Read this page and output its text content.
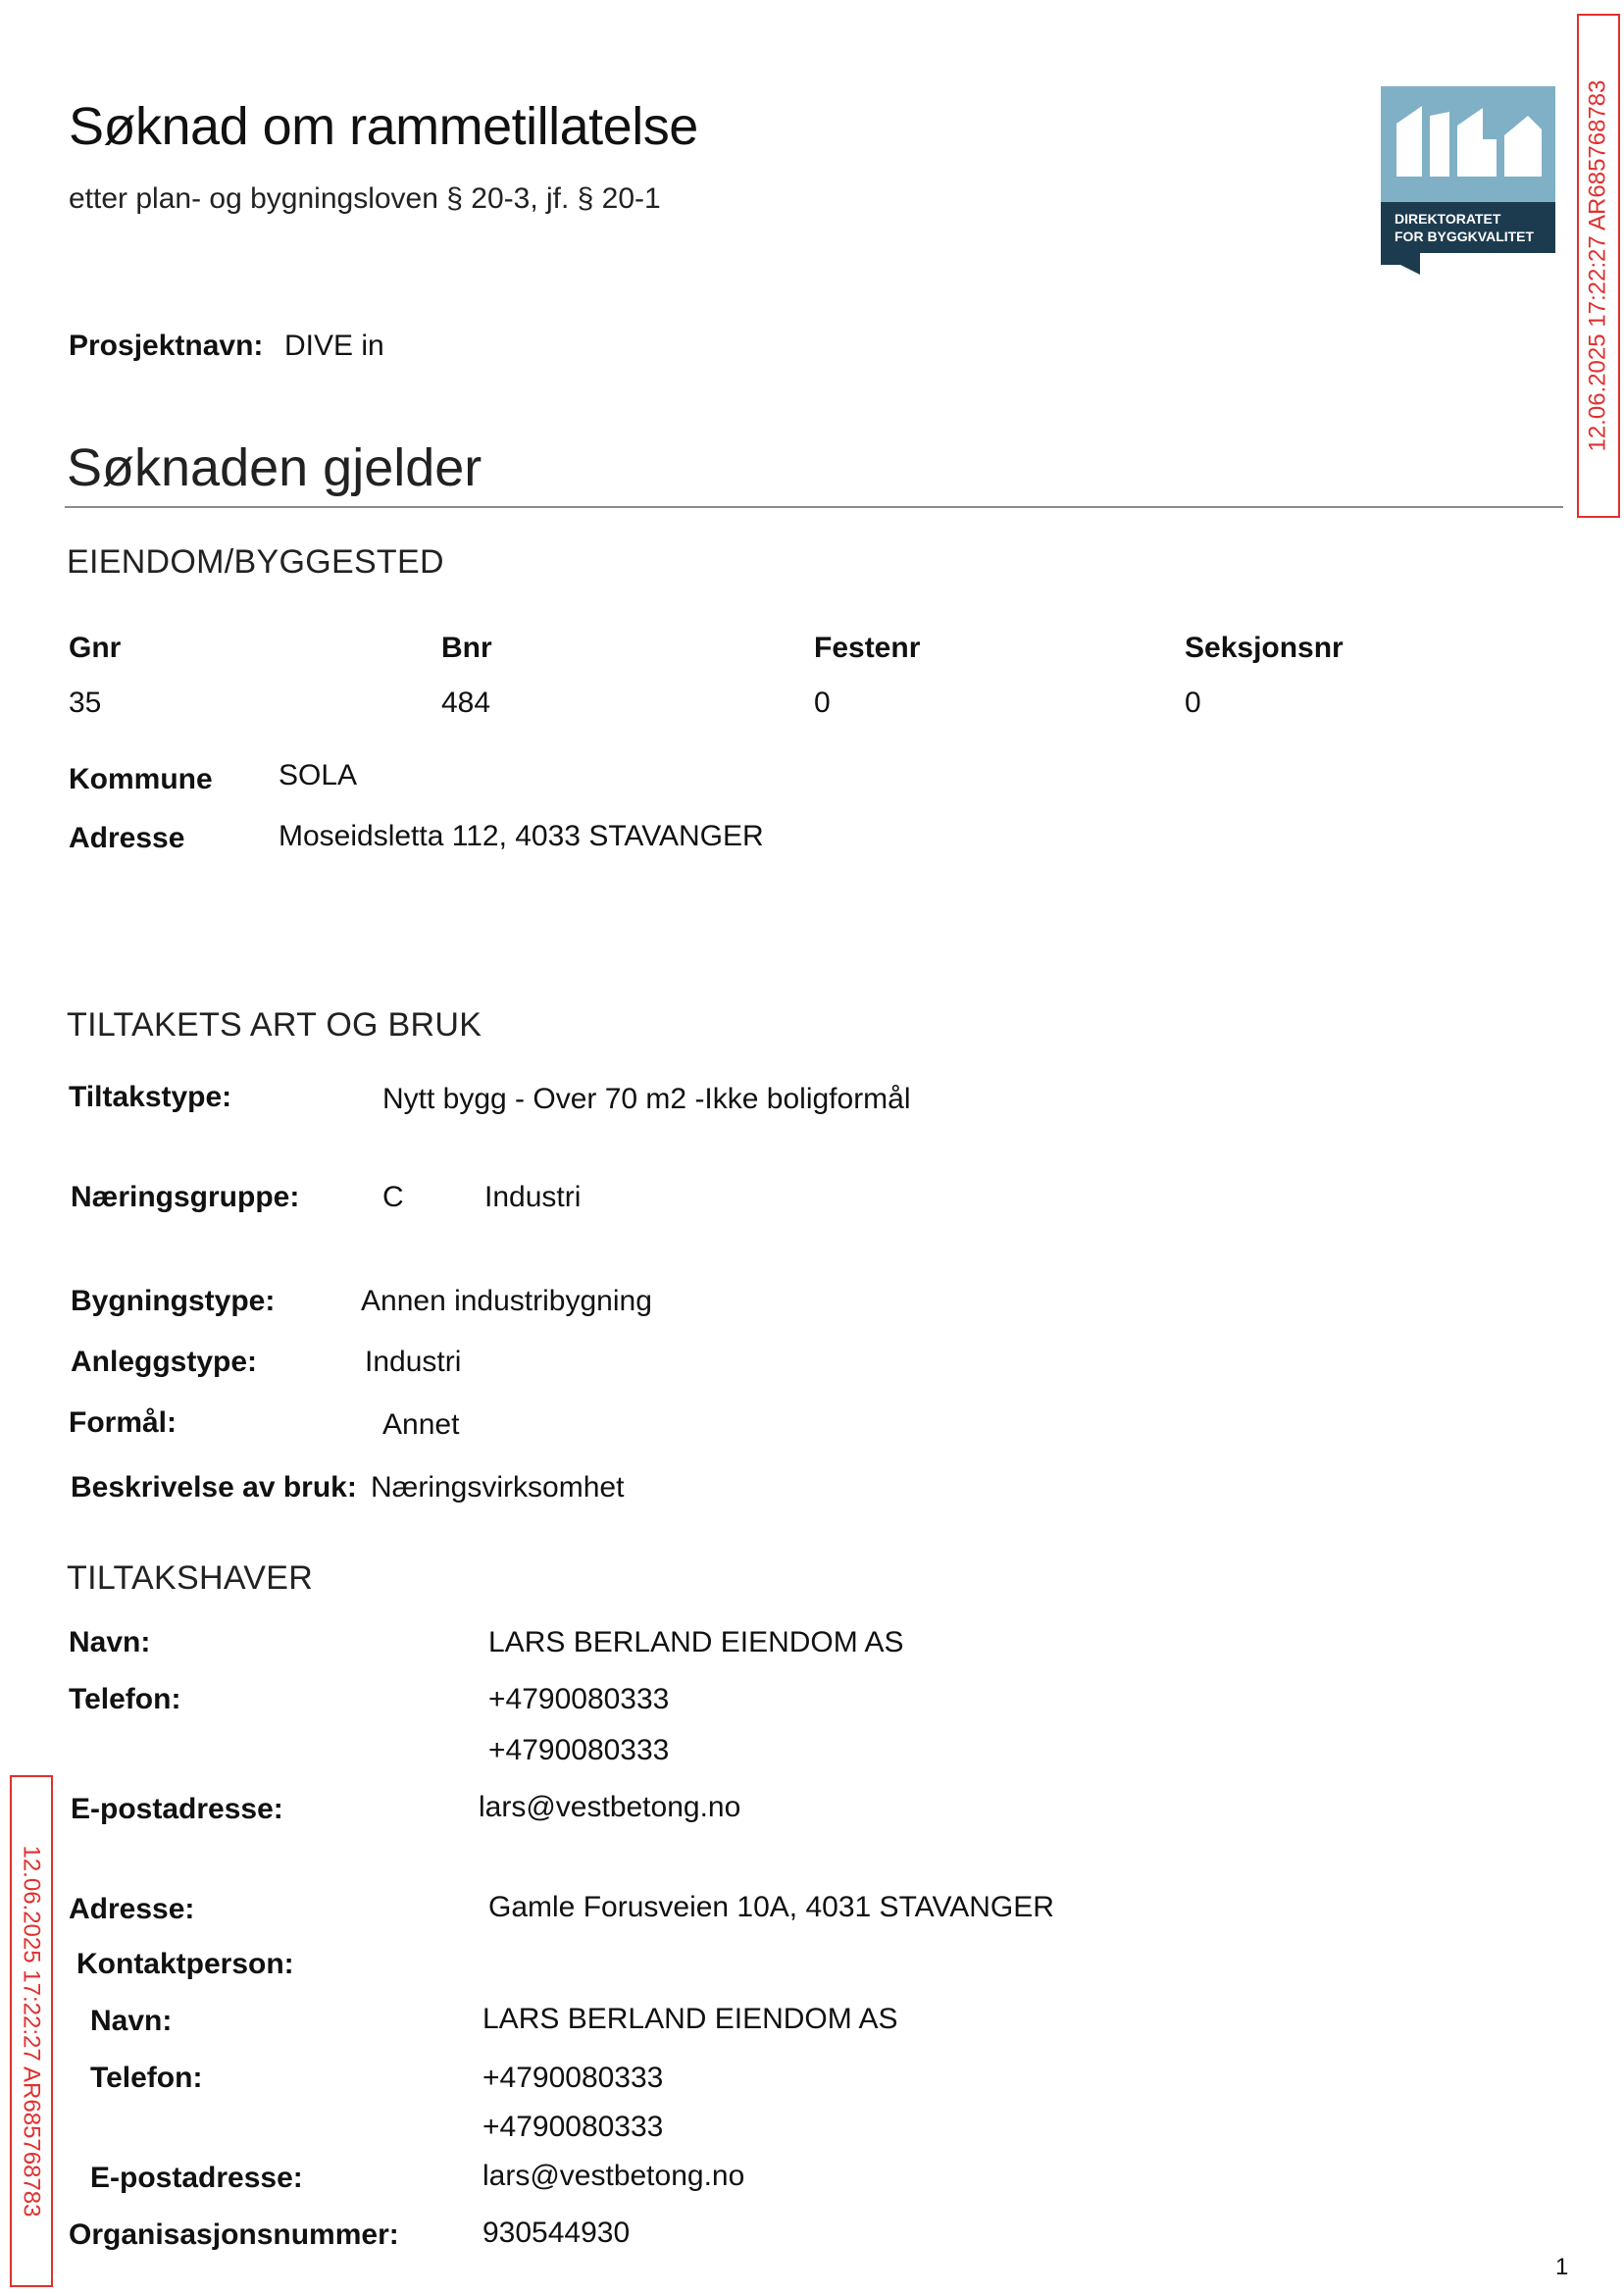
Søknad om rammetillatelse
etter plan- og bygningsloven § 20-3, jf. § 20-1
DIREKTORATET
FOR BYGGKVALITET 12.06.2025 17:22:27 AR685768783
12.06.2025 17:22:27 AR685768783
Prosjektnavn: DIVE in
Søknaden gjelder
EIENDOM/BYGGESTED
Gnr	Bnr	Festenr	Seksjonsnr
35	484	0	0
Kommune SOLA
Adresse	Moseidsletta 112, 4033 STAVANGER
TILTAKETS ART OG BRUK
Tiltakstype:	Nytt bygg - Over 70 m2 -Ikke boligformål
Næringsgruppe:	C	Industri
Bygningstype:	Annen industribygning
Anleggstype:	Industri
Formål:	Annet
Beskrivelse av bruk: Næringsvirksomhet
TILTAKSHAVER
Navn:	LARS BERLAND EIENDOM AS
Telefon:	+4790080333
+4790080333
E-postadresse:	lars@vestbetong.no
Adresse:	Gamle Forusveien 10A, 4031 STAVANGER
Kontaktperson:
Navn:	LARS BERLAND EIENDOM AS
Telefon:	+4790080333
+4790080333
E-postadresse:	lars@vestbetong.no
Organisasjonsnummer:	930544930
1
